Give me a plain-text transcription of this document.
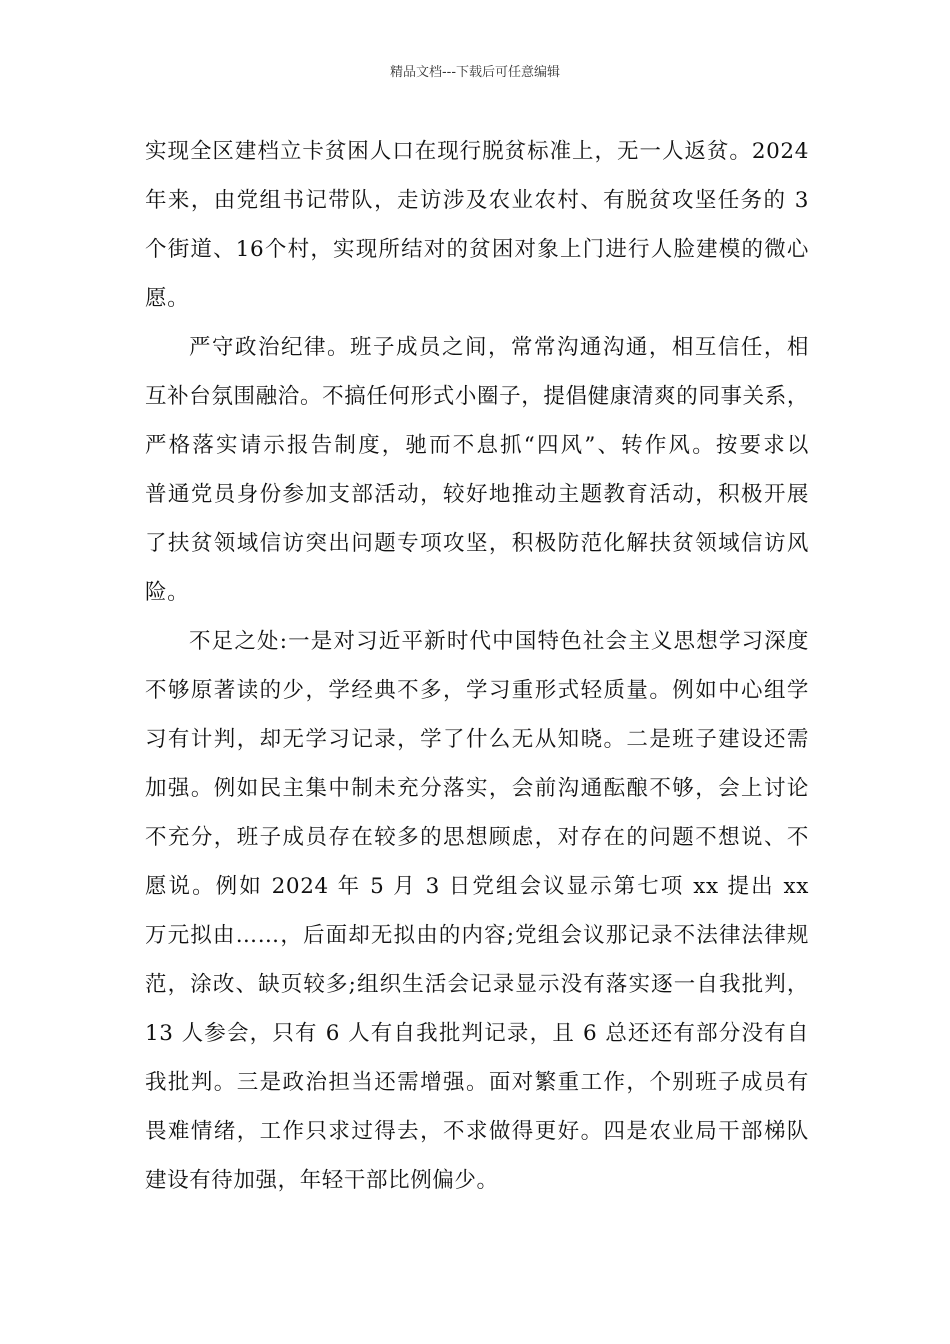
精品文档---下载后可任意编辑
实现全区建档立卡贫困人口在现行脱贫标准上，无一人返贫。2024
年来，由党组书记带队，走访涉及农业农村、有脱贫攻坚任务的 3
个街道、16个村，实现所结对的贫困对象上门进行人脸建模的微心
愿。
严守政治纪律。班子成员之间，常常沟通沟通，相互信任，相
互补台氛围融洽。不搞任何形式小圈子，提倡健康清爽的同事关系，
严格落实请示报告制度，驰而不息抓“四风”、转作风。按要求以
普通党员身份参加支部活动，较好地推动主题教育活动，积极开展
了扶贫领域信访突出问题专项攻坚，积极防范化解扶贫领域信访风
险。
不足之处:一是对习近平新时代中国特色社会主义思想学习深度
不够原著读的少，学经典不多，学习重形式轻质量。例如中心组学
习有计判，却无学习记录，学了什么无从知晓。二是班子建设还需
加强。例如民主集中制未充分落实，会前沟通酝酿不够，会上讨论
不充分，班子成员存在较多的思想顾虑，对存在的问题不想说、不
愿说。例如 2024 年 5 月 3 日党组会议显示第七项 xx 提出 xx
万元拟由……，后面却无拟由的内容;党组会议那记录不法律法律规
范，涂改、缺页较多;组织生活会记录显示没有落实逐一自我批判，
13 人参会，只有 6 人有自我批判记录，且 6 总还还有部分没有自
我批判。三是政治担当还需增强。面对繁重工作，个别班子成员有
畏难情绪，工作只求过得去，不求做得更好。四是农业局干部梯队
建设有待加强，年轻干部比例偏少。
